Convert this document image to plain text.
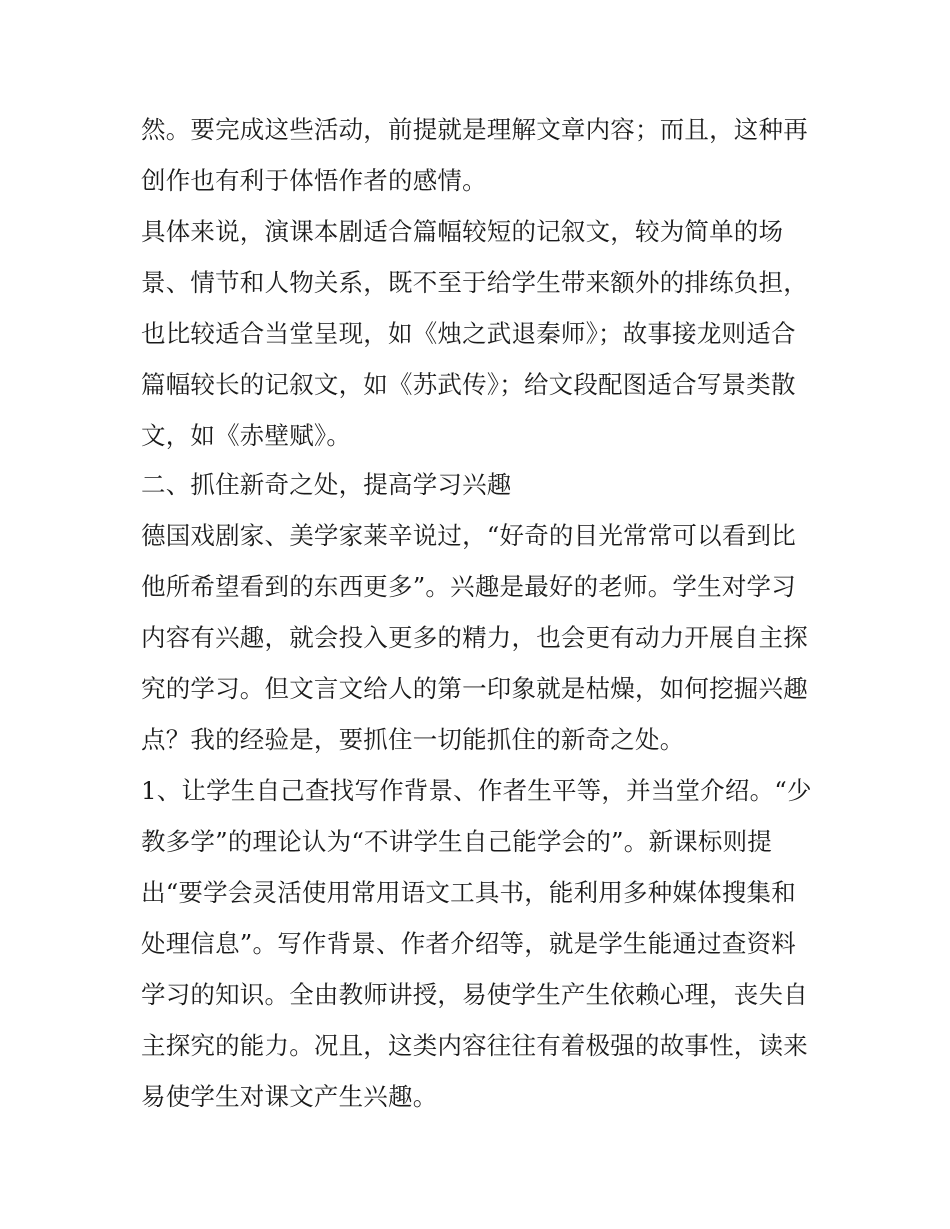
然。要完成这些活动，前提就是理解文章内容；而且，这种再
创作也有利于体悟作者的感情。
具体来说，演课本剧适合篇幅较短的记叙文，较为简单的场
景、情节和人物关系，既不至于给学生带来额外的排练负担，
也比较适合当堂呈现，如《烛之武退秦师》；故事接龙则适合
篇幅较长的记叙文，如《苏武传》；给文段配图适合写景类散
文，如《赤壁赋》。
二、抓住新奇之处，提高学习兴趣
德国戏剧家、美学家莱辛说过，“好奇的目光常常可以看到比
他所希望看到的东西更多”。兴趣是最好的老师。学生对学习
内容有兴趣，就会投入更多的精力，也会更有动力开展自主探
究的学习。但文言文给人的第一印象就是枯燥，如何挖掘兴趣
点？我的经验是，要抓住一切能抓住的新奇之处。
1、让学生自己查找写作背景、作者生平等，并当堂介绍。“少
教多学”的理论认为“不讲学生自己能学会的”。新课标则提
出“要学会灵活使用常用语文工具书，能利用多种媒体搜集和
处理信息”。写作背景、作者介绍等，就是学生能通过查资料
学习的知识。全由教师讲授，易使学生产生依赖心理，丧失自
主探究的能力。况且，这类内容往往有着极强的故事性，读来
易使学生对课文产生兴趣。
